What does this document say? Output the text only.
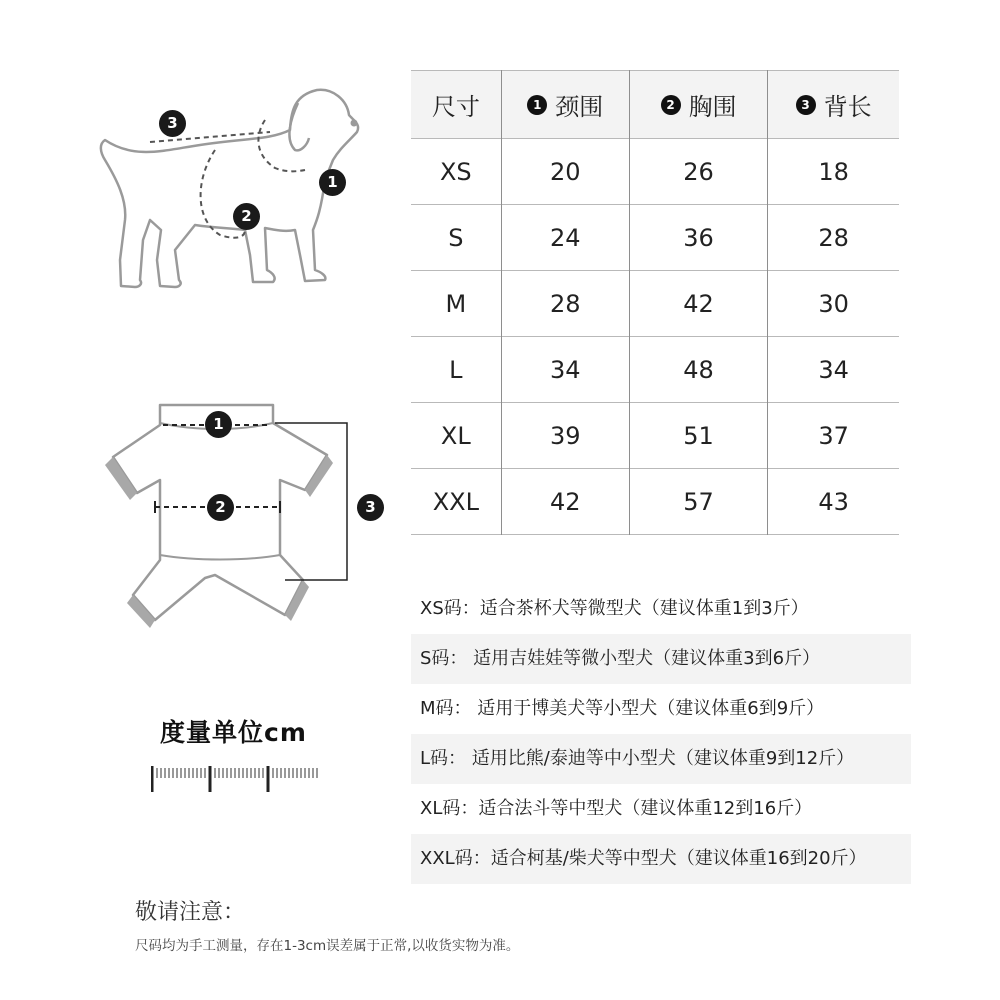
3
1
2
1
2	3
尺寸	1 颈围	2 胸围	3 背长

XS	20	26	18
S	24	36	28
M	28	42	30
L	34	48	34
XL	39	51	37
XXL	42	57	43
XS码：适合茶杯犬等微型犬（建议体重1到3斤）
S码： 适用吉娃娃等微小型犬（建议体重3到6斤）
M码： 适用于博美犬等小型犬（建议体重6到9斤）
L码： 适用比熊/泰迪等中小型犬（建议体重9到12斤）
XL码：适合法斗等中型犬（建议体重12到16斤）
XXL码：适合柯基/柴犬等中型犬（建议体重16到20斤）
度量单位cm
敬请注意：
尺码均为手工测量，存在1-3cm误差属于正常,以收货实物为准。
